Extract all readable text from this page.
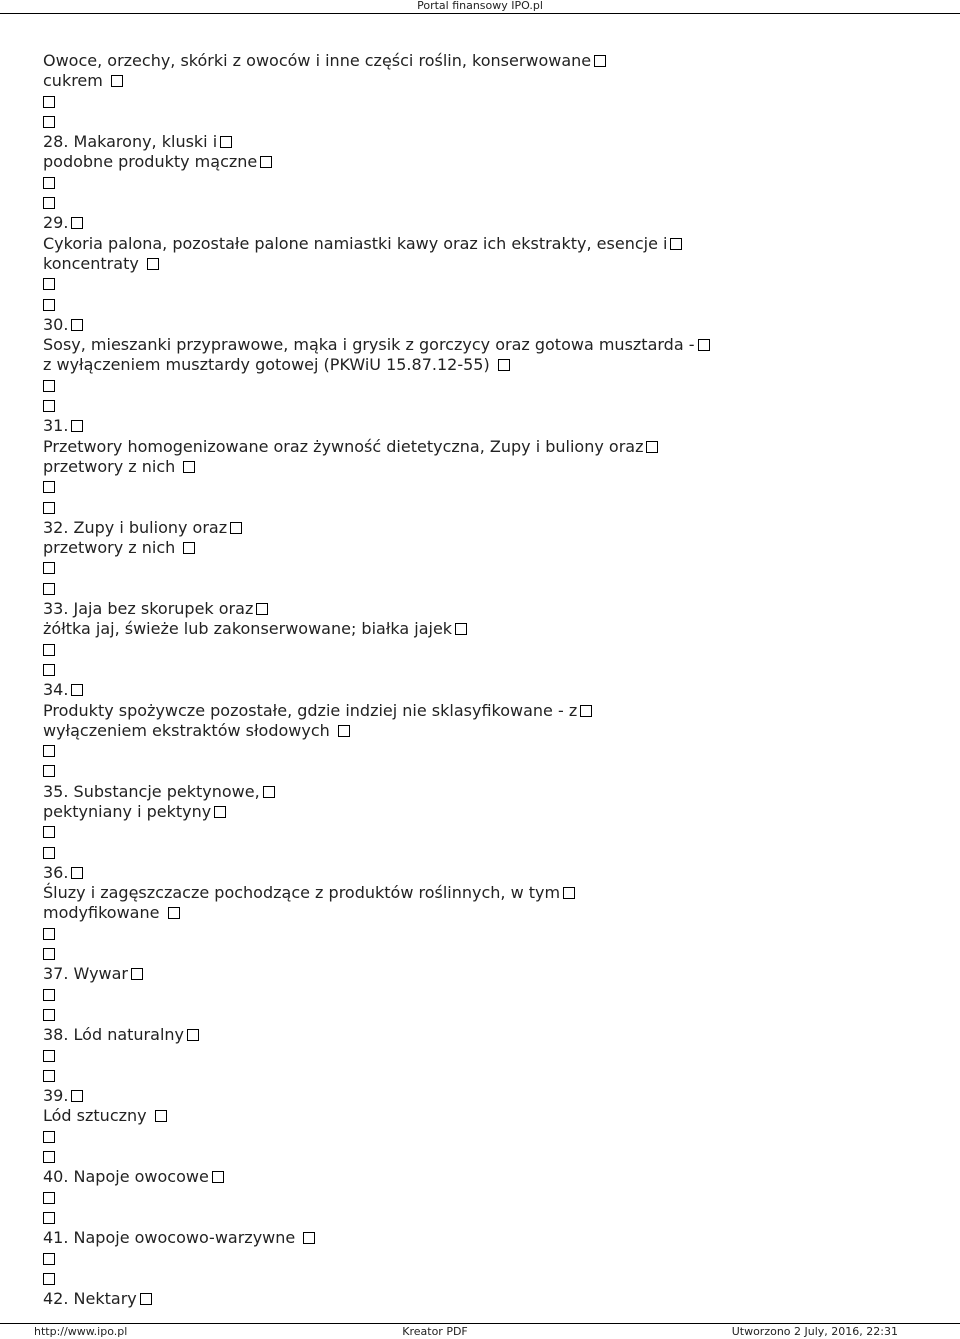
Portal finansowy IPO.pl
Owoce, orzechy, skórki z owoców i inne części roślin, konserwowane
cukrem
28. Makarony, kluski i
podobne produkty mączne
29.
Cykoria palona, pozostałe palone namiastki kawy oraz ich ekstrakty, esencje i
koncentraty
30.
Sosy, mieszanki przyprawowe, mąka i grysik z gorczycy oraz gotowa musztarda -
z wyłączeniem musztardy gotowej (PKWiU 15.87.12-55)
31.
Przetwory homogenizowane oraz żywność dietetyczna, Zupy i buliony oraz
przetwory z nich
32. Zupy i buliony oraz
przetwory z nich
33. Jaja bez skorupek oraz
żółtka jaj, świeże lub zakonserwowane; białka jajek
34.
Produkty spożywcze pozostałe, gdzie indziej nie sklasyfikowane - z
wyłączeniem ekstraktów słodowych
35. Substancje pektynowe,
pektyniany i pektyny
36.
Śluzy i zagęszczacze pochodzące z produktów roślinnych, w tym
modyfikowane
37. Wywar
38. Lód naturalny
39.
Lód sztuczny
40. Napoje owocowe
41. Napoje owocowo-warzywne
42. Nektary
http://www.ipo.pl	Kreator PDF	Utworzono 2 July, 2016, 22:31
